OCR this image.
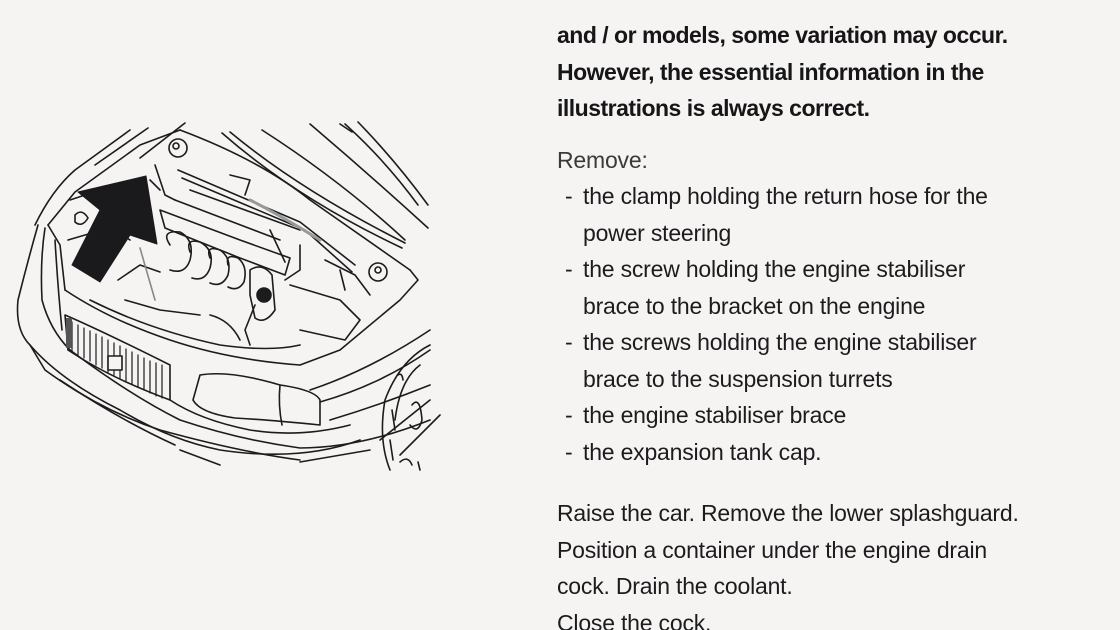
and / or models, some variation may occur.
However, the essential information in the
illustrations is always correct.
Remove:
- the clamp holding the return hose for the
power steering
- the screw holding the engine stabiliser
brace to the bracket on the engine
- the screws holding the engine stabiliser
brace to the suspension turrets
- the engine stabiliser brace
- the expansion tank cap.
Raise the car. Remove the lower splashguard.
Position a container under the engine drain
cock. Drain the coolant.
Close the cock.
